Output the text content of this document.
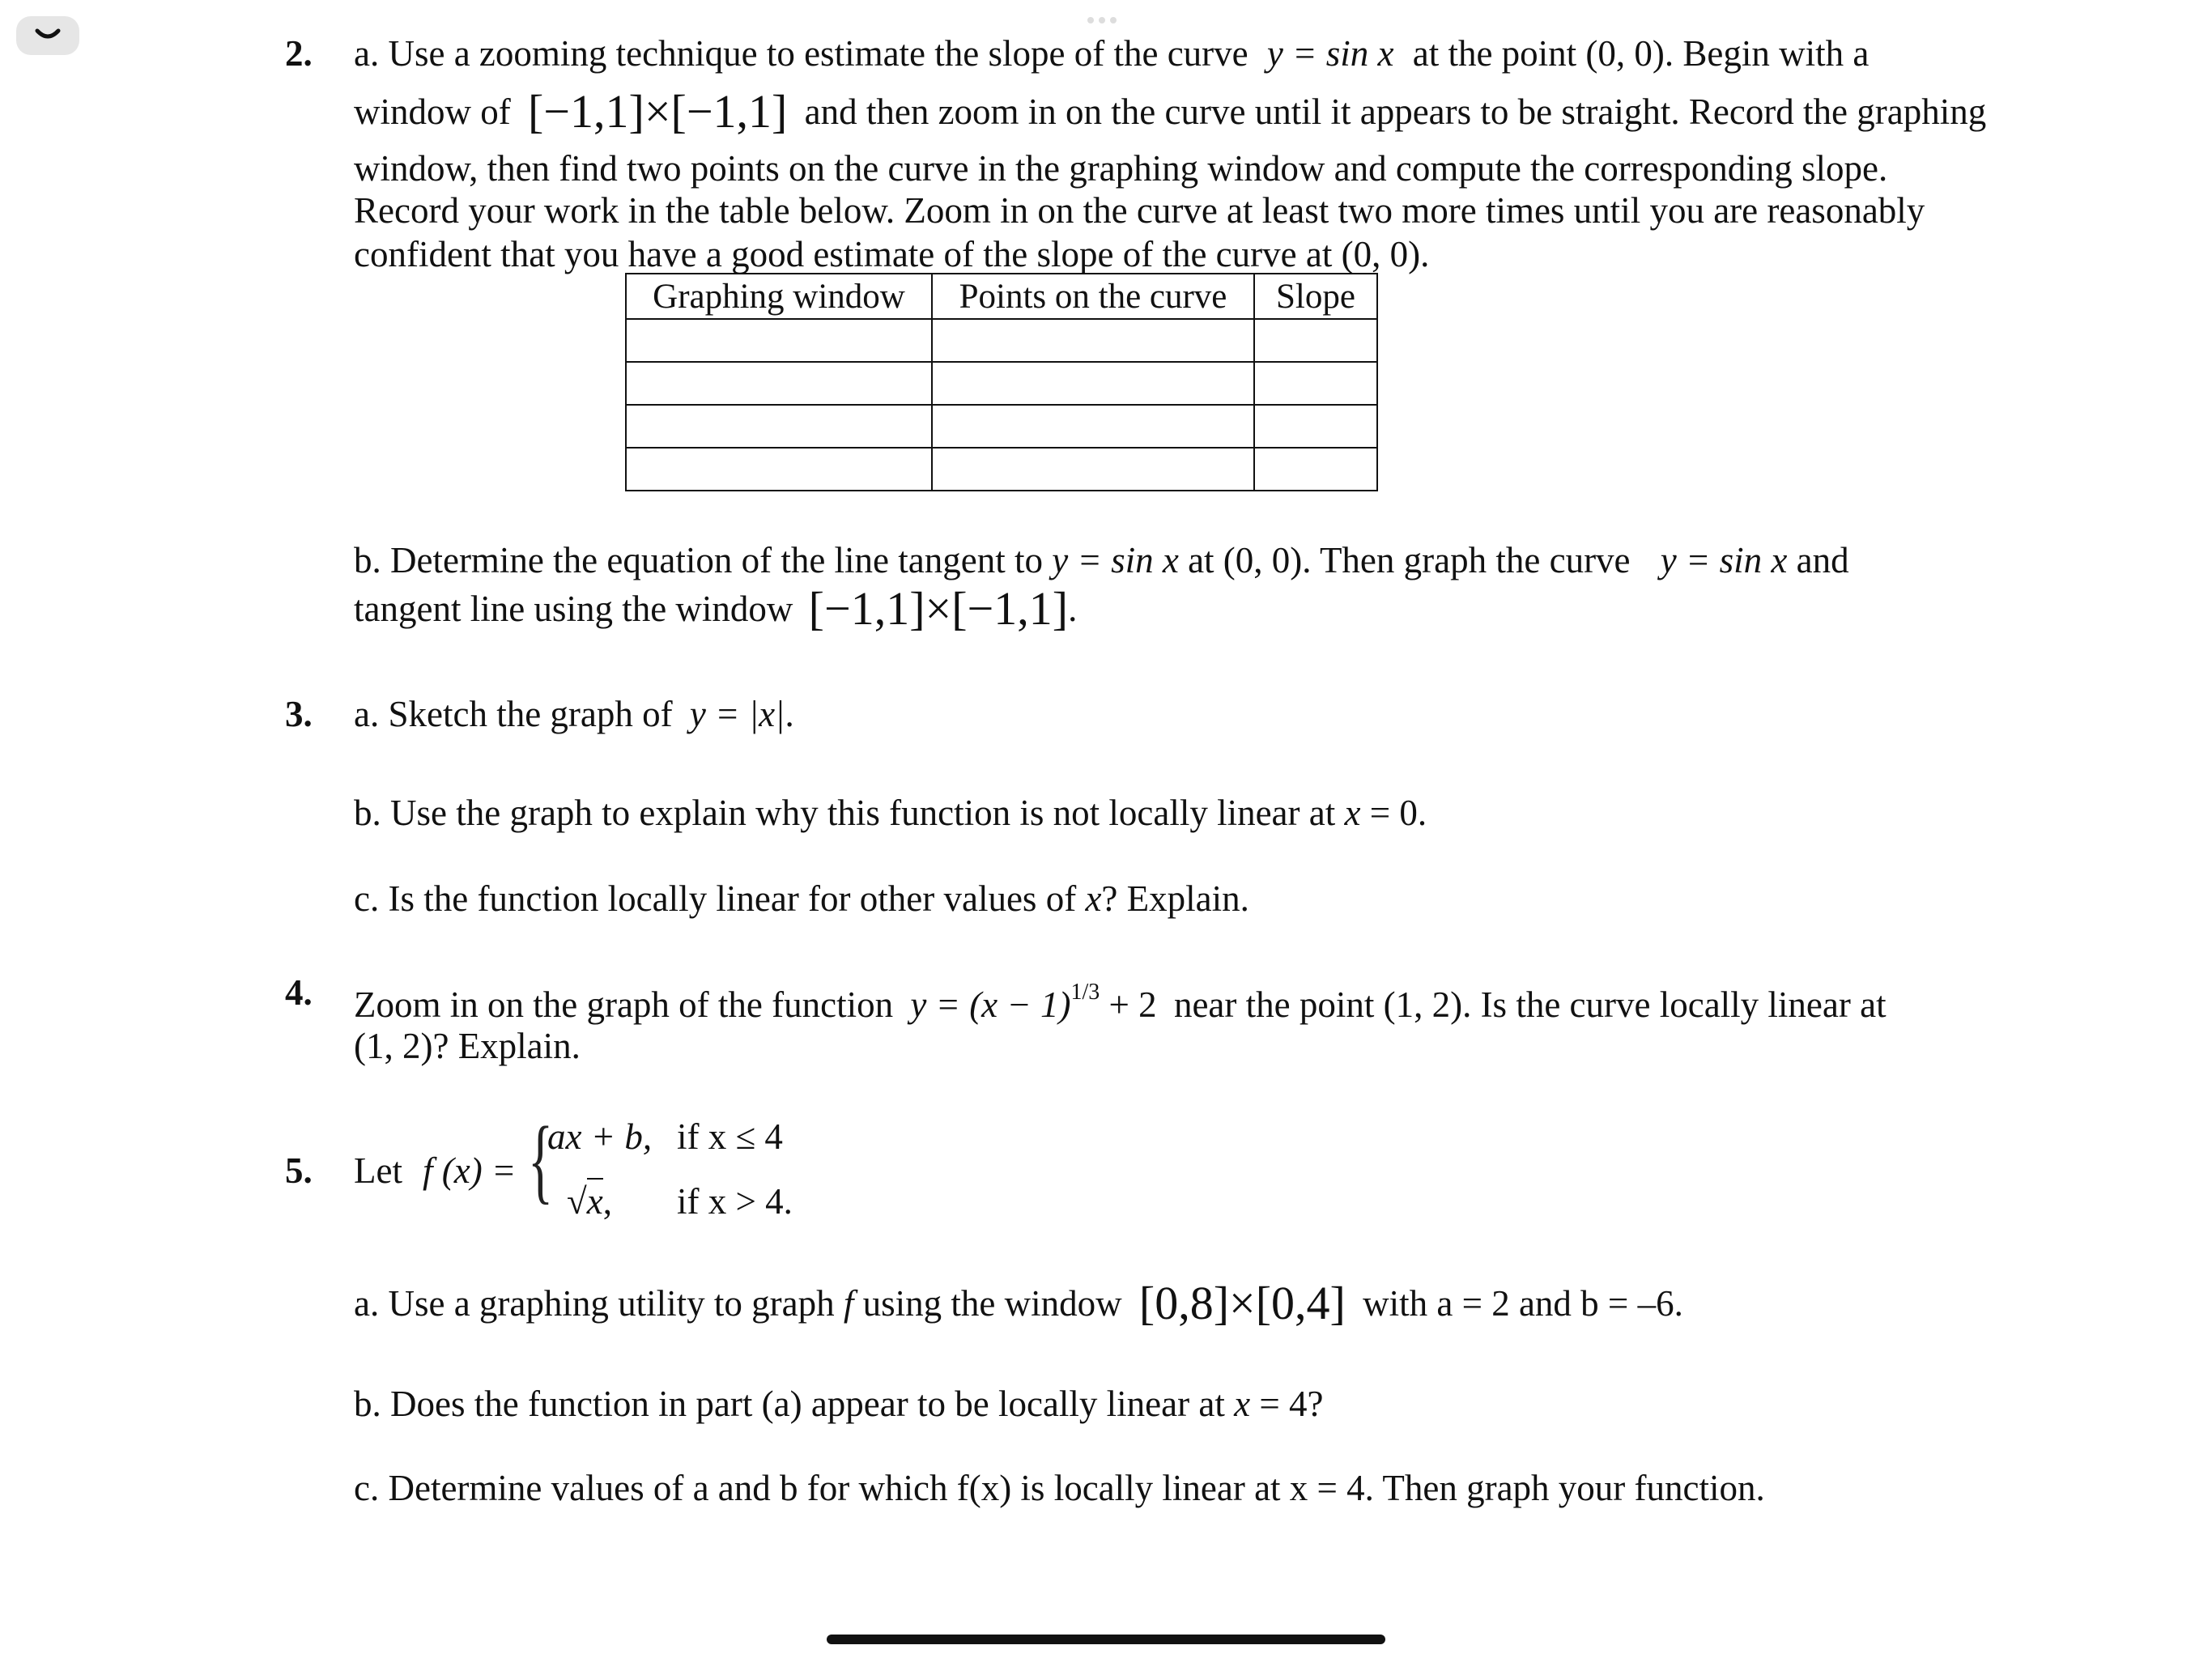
2. a. Use a zooming technique to estimate the slope of the curve y = sin x at the point (0, 0). Begin with a
window of [−1,1]×[−1,1] and then zoom in on the curve until it appears to be straight. Record the graphing
window, then find two points on the curve in the graphing window and compute the corresponding slope.
Record your work in the table below. Zoom in on the curve at least two more times until you are reasonably
confident that you have a good estimate of the slope of the curve at (0, 0).
Graphing window	Points on the curve	Slope

b. Determine the equation of the line tangent to y = sin x at (0, 0). Then graph the curve y = sin x and
tangent line using the window [−1,1]×[−1,1].
3. a. Sketch the graph of y = |x|.
b. Use the graph to explain why this function is not locally linear at x = 0.
c. Is the function locally linear for other values of x? Explain.
4. Zoom in on the graph of the function $y = (x - 1)^{1/3} + 2$ near the point (1, 2). Is the curve locally linear at
(1, 2)? Explain.
5. Let f (x) = {
ax + b, if x ≤ 4
√x, if x > 4.
a. Use a graphing utility to graph f using the window [0,8]×[0,4] with a = 2 and b = –6.
b. Does the function in part (a) appear to be locally linear at x = 4?
c. Determine values of a and b for which f(x) is locally linear at x = 4. Then graph your function.
